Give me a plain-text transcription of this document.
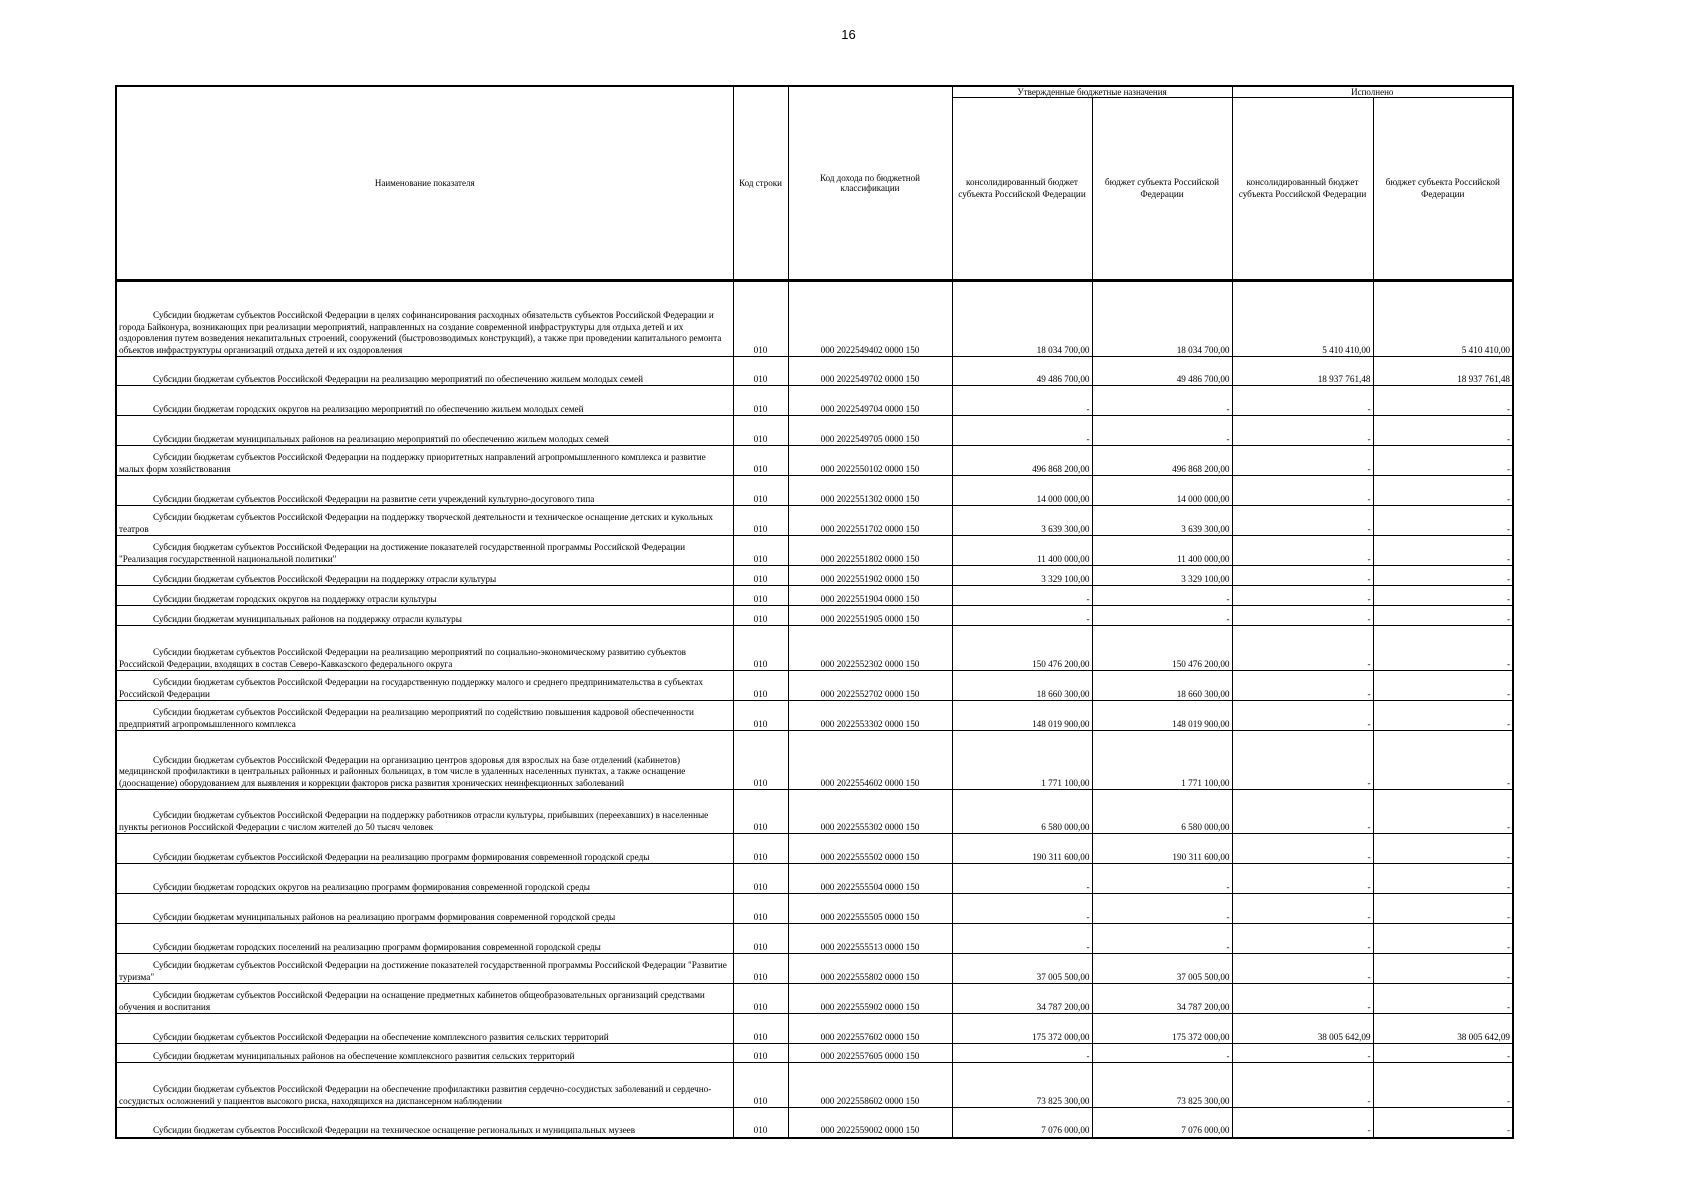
16
Наименование показателя	Код строки	Код дохода по бюджетной классификации	Утвержденные бюджетные назначения		Исполнено	
			консолидированный бюджет субъекта Российской Федерации	бюджет субъекта Российской Федерации	консолидированный бюджет субъекта Российской Федерации	бюджет субъекта Российской Федерации
Субсидии бюджетам субъектов Российской Федерации в целях софинансирования расходных обязательств субъектов Российской Федерации и города Байконура, возникающих при реализации мероприятий, направленных на создание современной инфраструктуры для отдыха детей и их оздоровления путем возведения некапитальных строений, сооружений (быстровозводимых конструкций), а также при проведении капитального ремонта объектов инфраструктуры организаций отдыха детей и их оздоровления	010	000 2022549402 0000 150	18 034 700,00	18 034 700,00	5 410 410,00	5 410 410,00
Субсидии бюджетам субъектов Российской Федерации на реализацию мероприятий по обеспечению жильем молодых семей	010	000 2022549702 0000 150	49 486 700,00	49 486 700,00	18 937 761,48	18 937 761,48
Субсидии бюджетам городских округов на реализацию мероприятий по обеспечению жильем молодых семей	010	000 2022549704 0000 150	-	-	-	-
Субсидии бюджетам муниципальных районов на реализацию мероприятий по обеспечению жильем молодых семей	010	000 2022549705 0000 150	-	-	-	-
Субсидии бюджетам субъектов Российской Федерации на поддержку приоритетных направлений агропромышленного комплекса и развитие малых форм хозяйствования	010	000 2022550102 0000 150	496 868 200,00	496 868 200,00	-	-
Субсидии бюджетам субъектов Российской Федерации на развитие сети учреждений культурно-досугового типа	010	000 2022551302 0000 150	14 000 000,00	14 000 000,00	-	-
Субсидии бюджетам субъектов Российской Федерации на поддержку творческой деятельности и техническое оснащение детских и кукольных театров	010	000 2022551702 0000 150	3 639 300,00	3 639 300,00	-	-
Субсидия бюджетам субъектов Российской Федерации на достижение показателей государственной программы Российской Федерации "Реализация государственной национальной политики"	010	000 2022551802 0000 150	11 400 000,00	11 400 000,00	-	-
Субсидии бюджетам субъектов Российской Федерации на поддержку отрасли культуры	010	000 2022551902 0000 150	3 329 100,00	3 329 100,00	-	-
Субсидии бюджетам городских округов на поддержку отрасли культуры	010	000 2022551904 0000 150	-	-	-	-
Субсидии бюджетам муниципальных районов на поддержку отрасли культуры	010	000 2022551905 0000 150	-	-	-	-
Субсидии бюджетам субъектов Российской Федерации на реализацию мероприятий по социально-экономическому развитию субъектов Российской Федерации, входящих в состав Северо-Кавказского федерального округа	010	000 2022552302 0000 150	150 476 200,00	150 476 200,00	-	-
Субсидии бюджетам субъектов Российской Федерации на государственную поддержку малого и среднего предпринимательства в субъектах Российской Федерации	010	000 2022552702 0000 150	18 660 300,00	18 660 300,00	-	-
Субсидии бюджетам субъектов Российской Федерации на реализацию мероприятий по содействию повышения кадровой обеспеченности предприятий агропромышленного комплекса	010	000 2022553302 0000 150	148 019 900,00	148 019 900,00	-	-
Субсидии бюджетам субъектов Российской Федерации на организацию центров здоровья для взрослых на базе отделений (кабинетов) медицинской профилактики в центральных районных и районных больницах, в том числе в удаленных населенных пунктах, а также оснащение (дооснащение) оборудованием для выявления и коррекции факторов риска развития хронических неинфекционных заболеваний	010	000 2022554602 0000 150	1 771 100,00	1 771 100,00	-	-
Субсидии бюджетам субъектов Российской Федерации на поддержку работников отрасли культуры, прибывших (переехавших) в населенные пункты регионов Российской Федерации с числом жителей до 50 тысяч человек	010	000 2022555302 0000 150	6 580 000,00	6 580 000,00	-	-
Субсидии бюджетам субъектов Российской Федерации на реализацию программ формирования современной городской среды	010	000 2022555502 0000 150	190 311 600,00	190 311 600,00	-	-
Субсидии бюджетам городских округов на реализацию программ формирования современной городской среды	010	000 2022555504 0000 150	-	-	-	-
Субсидии бюджетам муниципальных районов на реализацию программ формирования современной городской среды	010	000 2022555505 0000 150	-	-	-	-
Субсидии бюджетам городских поселений на реализацию программ формирования современной городской среды	010	000 2022555513 0000 150	-	-	-	-
Субсидии бюджетам субъектов Российской Федерации на достижение показателей государственной программы Российской Федерации "Развитие туризма"	010	000 2022555802 0000 150	37 005 500,00	37 005 500,00	-	-
Субсидии бюджетам субъектов Российской Федерации на оснащение предметных кабинетов общеобразовательных организаций средствами обучения и воспитания	010	000 2022555902 0000 150	34 787 200,00	34 787 200,00	-	-
Субсидии бюджетам субъектов Российской Федерации на обеспечение комплексного развития сельских территорий	010	000 2022557602 0000 150	175 372 000,00	175 372 000,00	38 005 642,09	38 005 642,09
Субсидии бюджетам муниципальных районов на обеспечение комплексного развития сельских территорий	010	000 2022557605 0000 150	-	-	-	-
Субсидии бюджетам субъектов Российской Федерации на обеспечение профилактики развития сердечно-сосудистых заболеваний и сердечно-сосудистых осложнений у пациентов высокого риска, находящихся на диспансерном наблюдении	010	000 2022558602 0000 150	73 825 300,00	73 825 300,00	-	-
Субсидии бюджетам субъектов Российской Федерации на техническое оснащение региональных и муниципальных музеев	010	000 2022559002 0000 150	7 076 000,00	7 076 000,00	-	-
